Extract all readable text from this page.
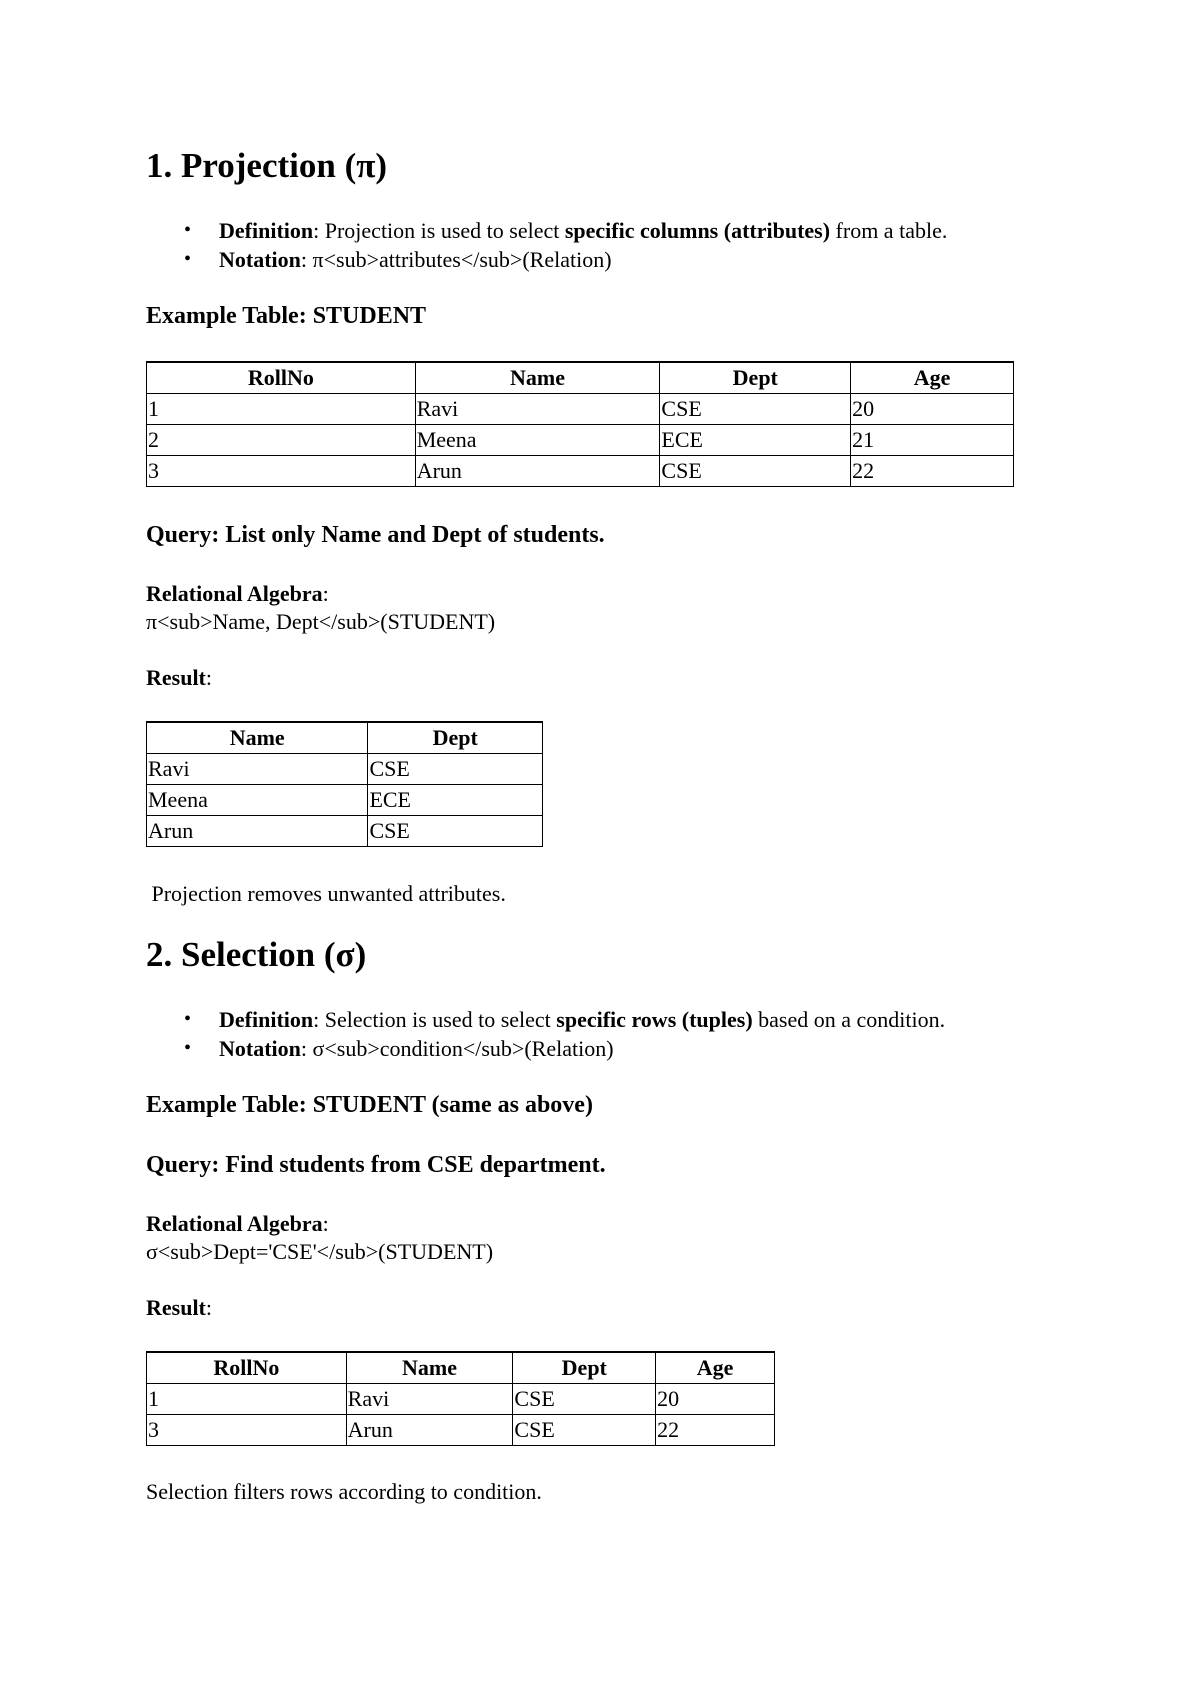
1. Projection (π)
• Definition: Projection is used to select specific columns (attributes) from a table.
• Notation: π<sub>attributes</sub>(Relation)
Example Table: STUDENT
RollNo	Name	Dept	Age
1	Ravi	CSE	20
2	Meena	ECE	21
3	Arun	CSE	22
Query: List only Name and Dept of students.
Relational Algebra:
π<sub>Name, Dept</sub>(STUDENT)
Result:
Name	Dept
Ravi	CSE
Meena	ECE
Arun	CSE
Projection removes unwanted attributes.
2. Selection (σ)
• Definition: Selection is used to select specific rows (tuples) based on a condition.
• Notation: σ<sub>condition</sub>(Relation)
Example Table: STUDENT (same as above)
Query: Find students from CSE department.
Relational Algebra:
σ<sub>Dept='CSE'</sub>(STUDENT)
Result:
RollNo	Name	Dept	Age
1	Ravi	CSE	20
3	Arun	CSE	22
Selection filters rows according to condition.
